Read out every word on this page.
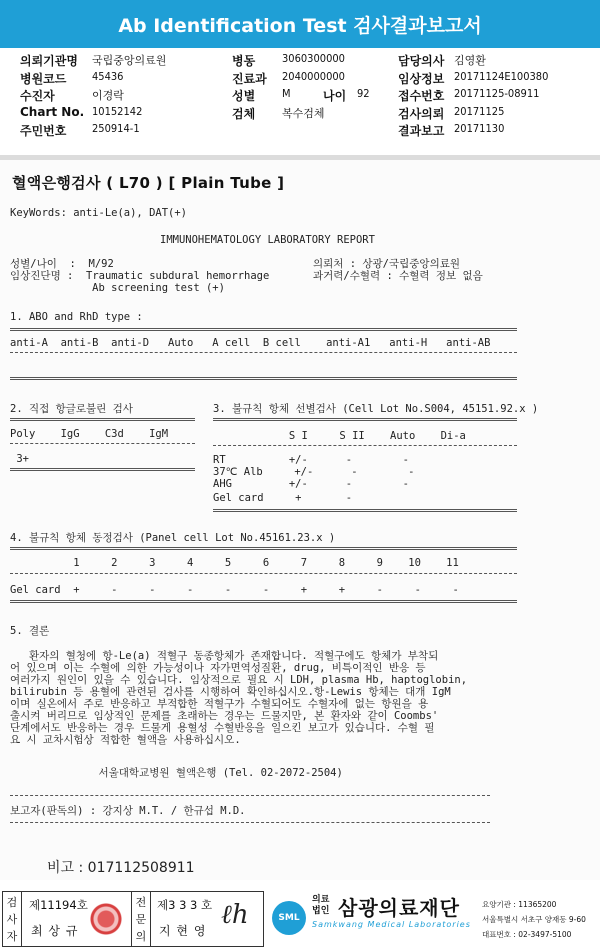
Ab Identification Test 검사결과보고서
의뢰기관명 국립중앙의료원	병동 3060300000	담당의사 김영환
병원코드 45436	진료과 2040000000	임상정보 20171124E100380
수진자	이경락	성별 M	나이 92 접수번호 20171125-08911
Chart No. 10152142	검체 복수검체	검사의뢰 20171125
주민번호 250914-1	결과보고 20171130
혈액은행검사 ( L70 ) [ Plain Tube ]
KeyWords: anti-Le(a), DAT(+)
IMMUNOHEMATOLOGY LABORATORY REPORT
성별/나이  :  M/92
임상진단명 :  Traumatic subdural hemorrhage
Ab screening test (+)
의뢰처 : 상광/국립중앙의료원
과거력/수혈력 : 수혈력 정보 없음
1. ABO and RhD type :
anti-A  anti-B  anti-D   Auto   A cell  B cell    anti-A1   anti-H   anti-AB
2. 직접 항글로불린 검사
Poly    IgG    C3d    IgM
3+
3. 불규칙 항체 선별검사 (Cell Lot No.S004, 45151.92.x )
S I     S II    Auto    Di-a
RT          +/-      -        -
37℃ Alb     +/-      -        -
AHG         +/-      -        -
Gel card     +       -
4. 불규칙 항체 동정검사 (Panel cell Lot No.45161.23.x )
1     2     3     4     5     6     7     8     9    10    11
Gel card  +     -     -     -     -     -     +     +     -     -     -
5. 결론
환자의 혈청에 항-Le(a) 적혈구 동종항체가 존재합니다. 적혈구에도 항체가 부착되
어 있으며 이는 수혈에 의한 가능성이나 자가면역성질환, drug, 비특이적인 반응 등
여러가지 원인이 있을 수 있습니다. 임상적으로 필요 시 LDH, plasma Hb, haptoglobin,
bilirubin 등 용혈에 관련된 검사를 시행하여 확인하십시오.항-Lewis 항체는 대개 IgM
이며 실온에서 주로 반응하고 부적합한 적혈구가 수혈되어도 수혈자에 없는 항원을 용
출시켜 버리므로 임상적인 문제를 초래하는 경우는 드물지만, 본 환자와 같이 Coombs'
단계에서도 반응하는 경우 드물게 용혈성 수혈반응을 일으킨 보고가 있습니다. 수혈 필
요 시 교차시험상 적합한 혈액을 사용하십시오.
서울대학교병원 혈액은행 (Tel. 02-2072-2504)
보고자(판독의) : 강지상 M.T. / 한규섭 M.D.
비고 : 017112508911
검
사
자
제11194호
최 상 규
전
문
의
제3 3 3 호
지 현 영
ℓh	SML
의료법인 삼광의료재단
Samkwang Medical Laboratories
요양기관 : 11365200
서울특별시 서초구 양재동 9-60
대표번호 : 02-3497-5100
